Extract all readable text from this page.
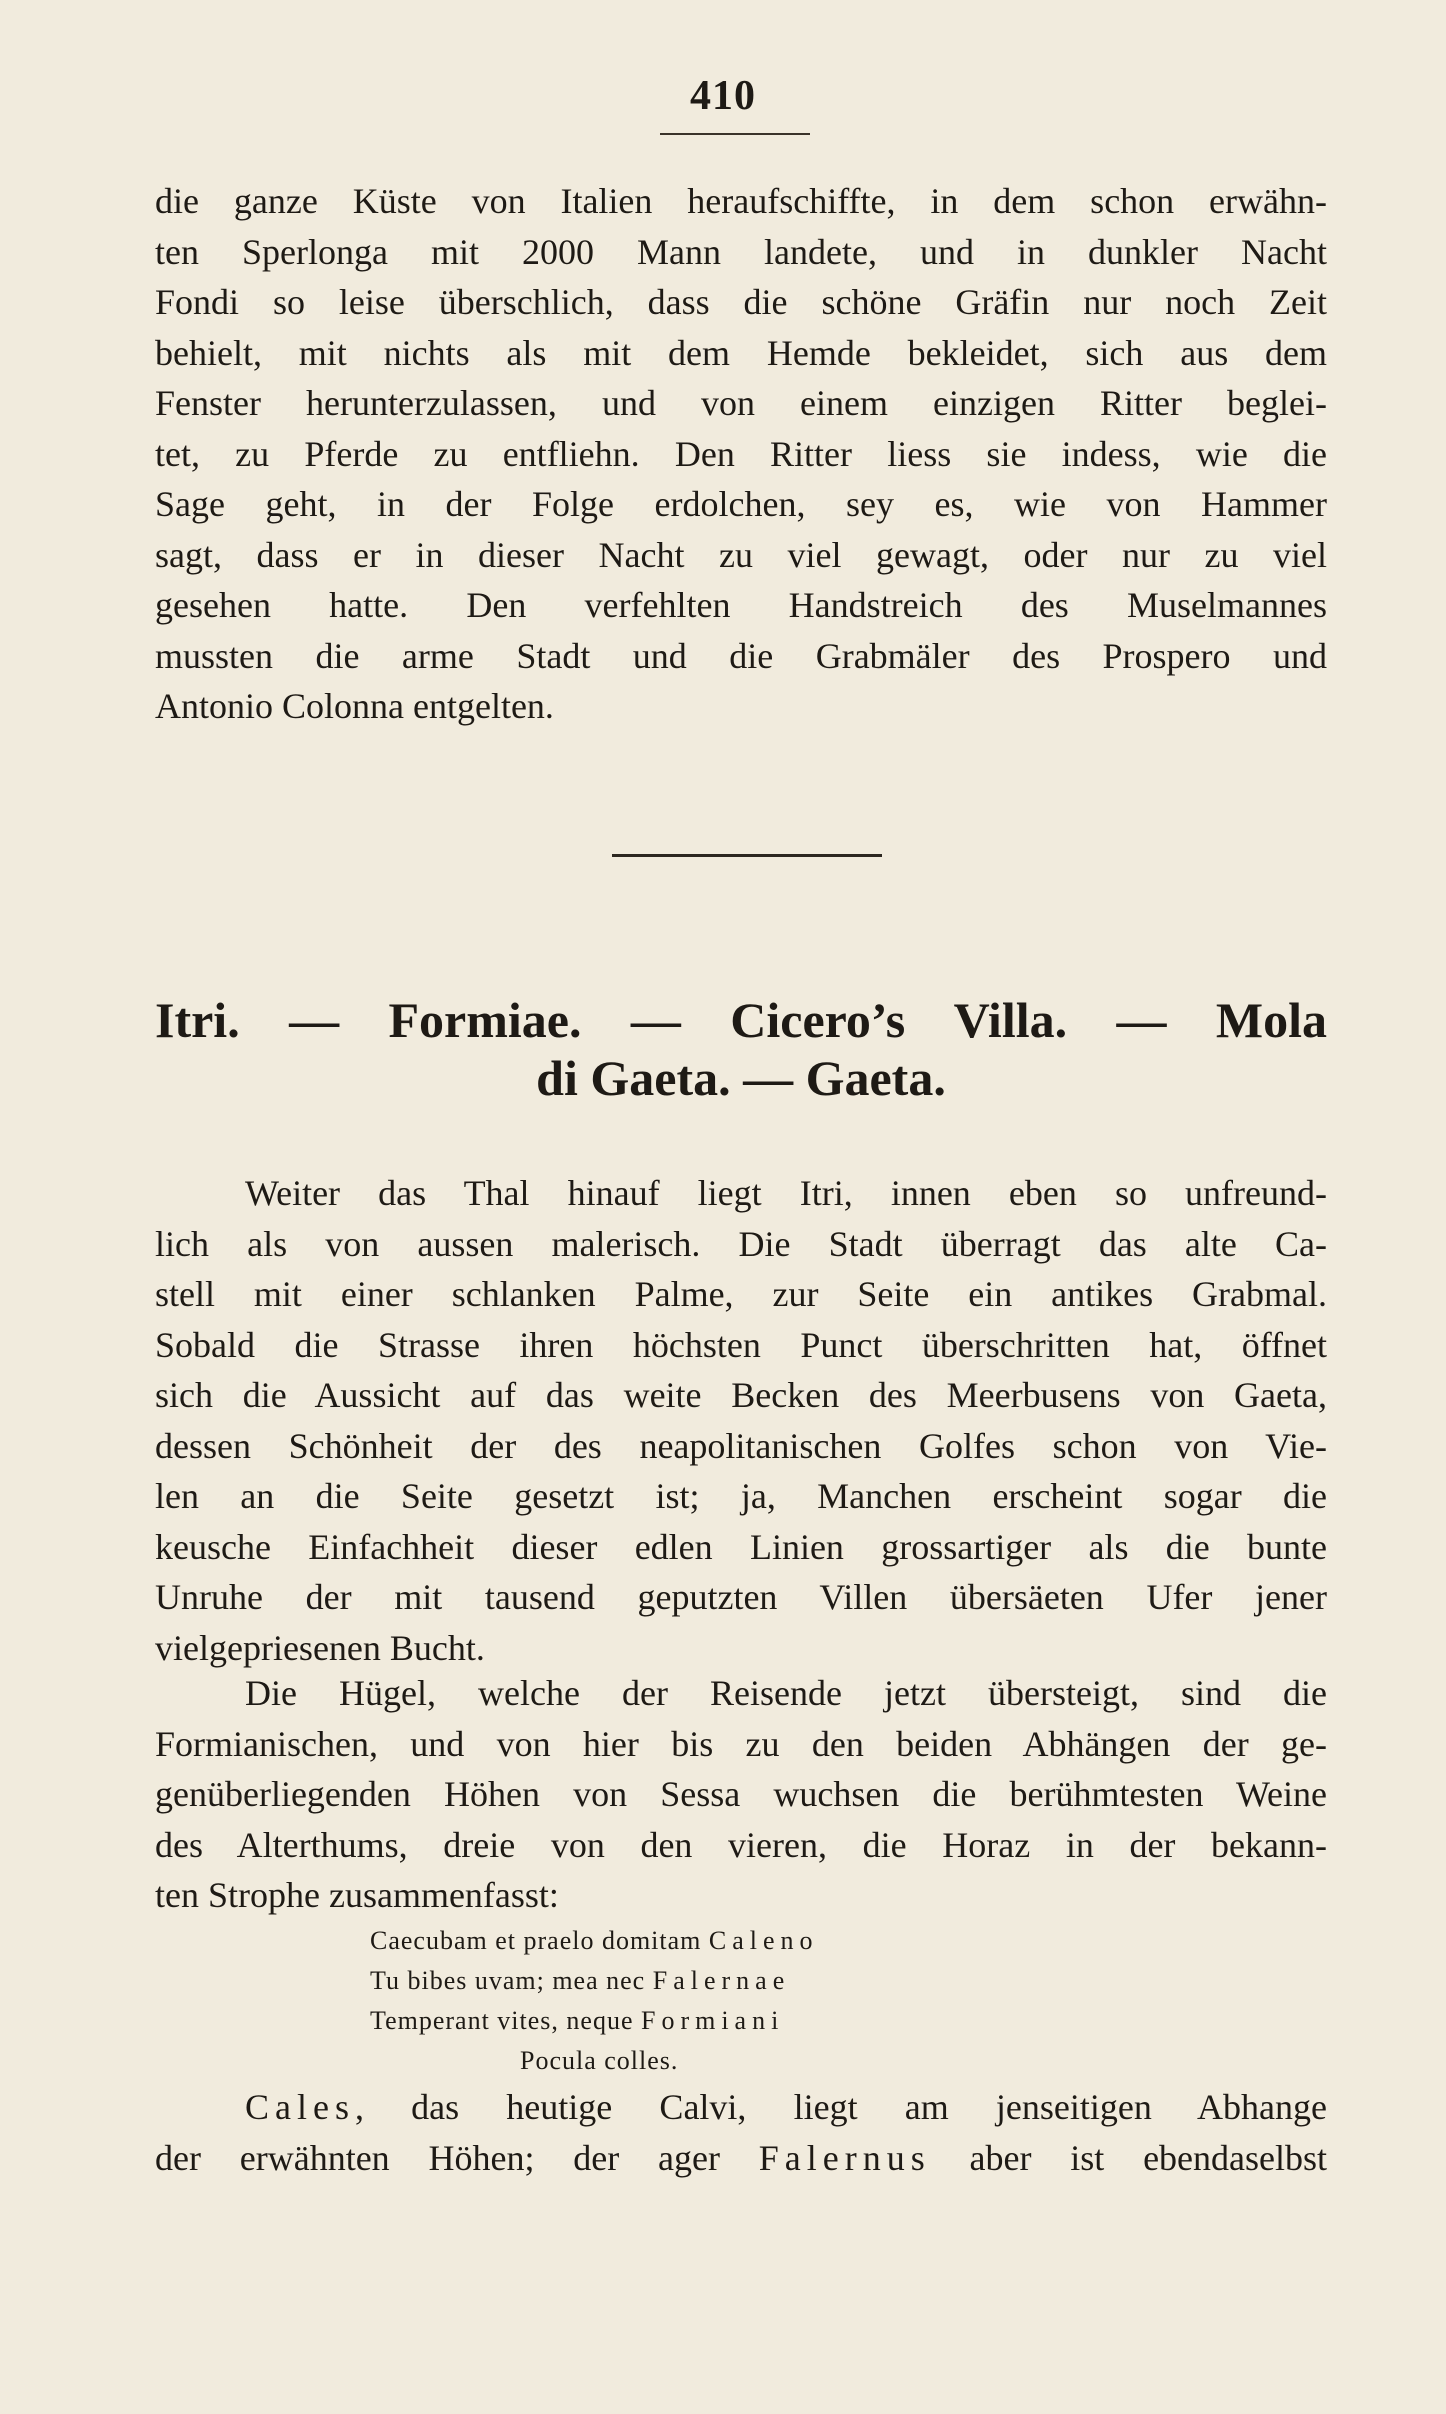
410

die ganze Küste von Italien heraufschiffte, in dem schon erwähn-
ten Sperlonga mit 2000 Mann landete, und in dunkler Nacht
Fondi so leise überschlich, dass die schöne Gräfin nur noch Zeit
behielt, mit nichts als mit dem Hemde bekleidet, sich aus dem
Fenster herunterzulassen, und von einem einzigen Ritter beglei-
tet, zu Pferde zu entfliehn. Den Ritter liess sie indess, wie die
Sage geht, in der Folge erdolchen, sey es, wie von Hammer
sagt, dass er in dieser Nacht zu viel gewagt, oder nur zu viel
gesehen hatte. Den verfehlten Handstreich des Muselmannes
mussten die arme Stadt und die Grabmäler des Prospero und
Antonio Colonna entgelten.

Itri. — Formiae. — Cicero’s Villa. — Mola
di Gaeta. — Gaeta.

Weiter das Thal hinauf liegt Itri, innen eben so unfreund-
lich als von aussen malerisch. Die Stadt überragt das alte Ca-
stell mit einer schlanken Palme, zur Seite ein antikes Grabmal.
Sobald die Strasse ihren höchsten Punct überschritten hat, öffnet
sich die Aussicht auf das weite Becken des Meerbusens von Gaeta,
dessen Schönheit der des neapolitanischen Golfes schon von Vie-
len an die Seite gesetzt ist; ja, Manchen erscheint sogar die
keusche Einfachheit dieser edlen Linien grossartiger als die bunte
Unruhe der mit tausend geputzten Villen übersäeten Ufer jener
vielgepriesenen Bucht.

Die Hügel, welche der Reisende jetzt übersteigt, sind die
Formianischen, und von hier bis zu den beiden Abhängen der ge-
genüberliegenden Höhen von Sessa wuchsen die berühmtesten Weine
des Alterthums, dreie von den vieren, die Horaz in der bekann-
ten Strophe zusammenfasst:

Caecubam et praelo domitam Caleno
Tu bibes uvam; mea nec Falernae
Temperant vites, neque Formiani
Pocula colles.

Cales, das heutige Calvi, liegt am jenseitigen Abhange
der erwähnten Höhen; der ager Falernus aber ist ebendaselbst
